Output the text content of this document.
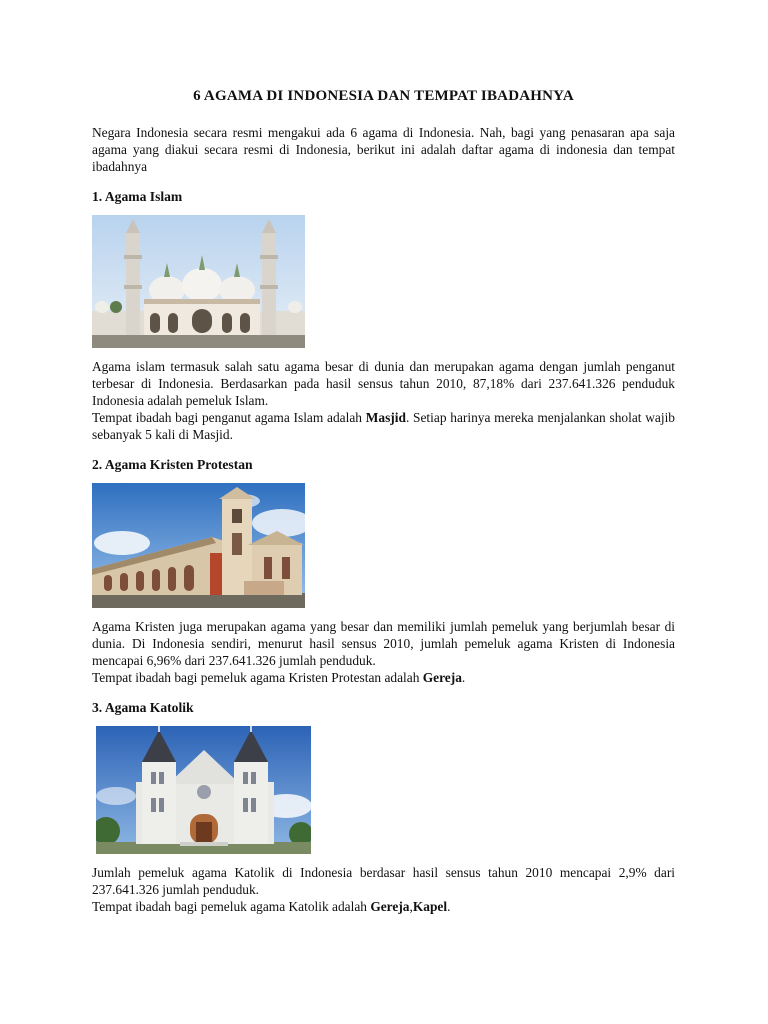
6 AGAMA DI INDONESIA DAN TEMPAT IBADAHNYA

Negara Indonesia secara resmi mengakui ada 6 agama di Indonesia. Nah, bagi yang penasaran apa saja agama yang diakui secara resmi di Indonesia, berikut ini adalah daftar agama di indonesia dan tempat ibadahnya

1. Agama Islam

Agama islam termasuk salah satu agama besar di dunia dan merupakan agama dengan jumlah penganut terbesar di Indonesia. Berdasarkan pada hasil sensus tahun 2010, 87,18% dari 237.641.326 penduduk Indonesia adalah pemeluk Islam.

Tempat ibadah bagi penganut agama Islam adalah Masjid. Setiap harinya mereka menjalankan sholat wajib sebanyak 5 kali di Masjid.

2. Agama Kristen Protestan

Agama Kristen juga merupakan agama yang besar dan memiliki jumlah pemeluk yang berjumlah besar di dunia. Di Indonesia sendiri, menurut hasil sensus 2010, jumlah pemeluk agama Kristen di Indonesia mencapai 6,96% dari 237.641.326 jumlah penduduk.

Tempat ibadah bagi pemeluk agama Kristen Protestan adalah Gereja.

3. Agama Katolik

Jumlah pemeluk agama Katolik di Indonesia berdasar hasil sensus tahun 2010 mencapai 2,9% dari 237.641.326 jumlah penduduk.

Tempat ibadah bagi pemeluk agama Katolik adalah Gereja,Kapel.
